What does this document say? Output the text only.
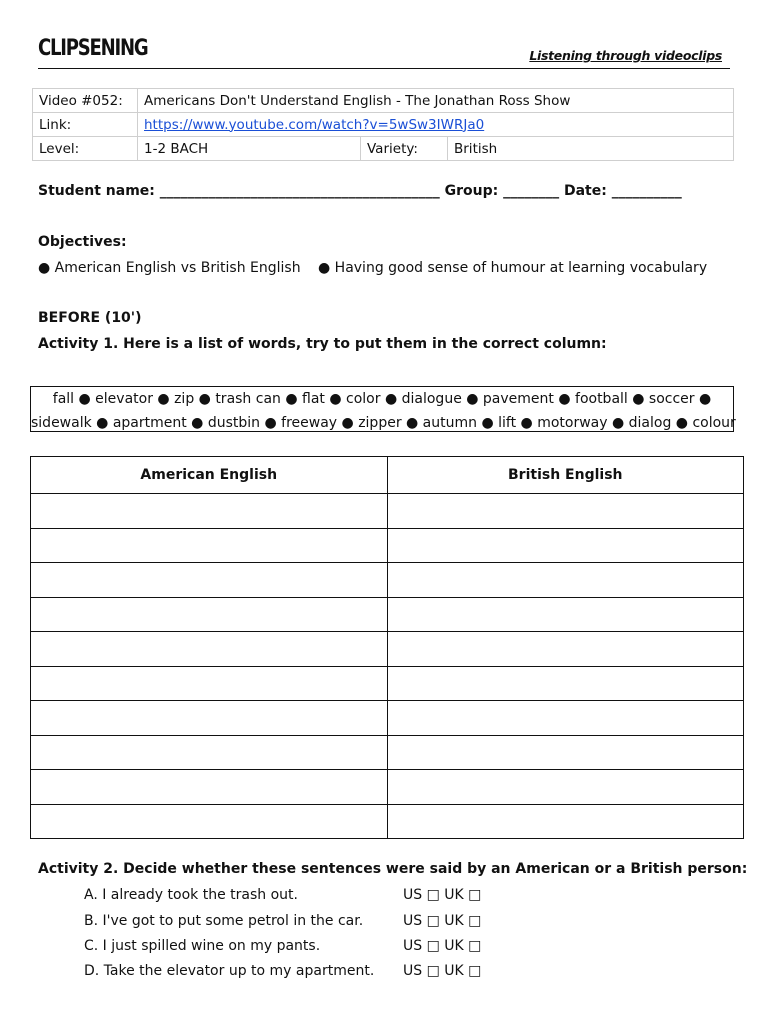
CLIPSENING	Listening through videoclips
Video #052:	Americans Don't Understand English - The Jonathan Ross Show		
Link:	https://www.youtube.com/watch?v=5wSw3IWRJa0		
Level:	1-2 BACH	Variety:	British
Student name: ________________________________________ Group: ________ Date: __________
Objectives:
● American English vs British English ● Having good sense of humour at learning vocabulary
BEFORE (10')
Activity 1. Here is a list of words, try to put them in the correct column:
fall ● elevator ● zip ● trash can ● flat ● color ● dialogue ● pavement ● football ● soccer ●
sidewalk ● apartment ● dustbin ● freeway ● zipper ● autumn ● lift ● motorway ● dialog ● colour
American English	British English

Activity 2. Decide whether these sentences were said by an American or a British person:
A. I already took the trash out.	US □ UK □
B. I've got to put some petrol in the car.	US □ UK □
C. I just spilled wine on my pants.	US □ UK □
D. Take the elevator up to my apartment. US □ UK □
